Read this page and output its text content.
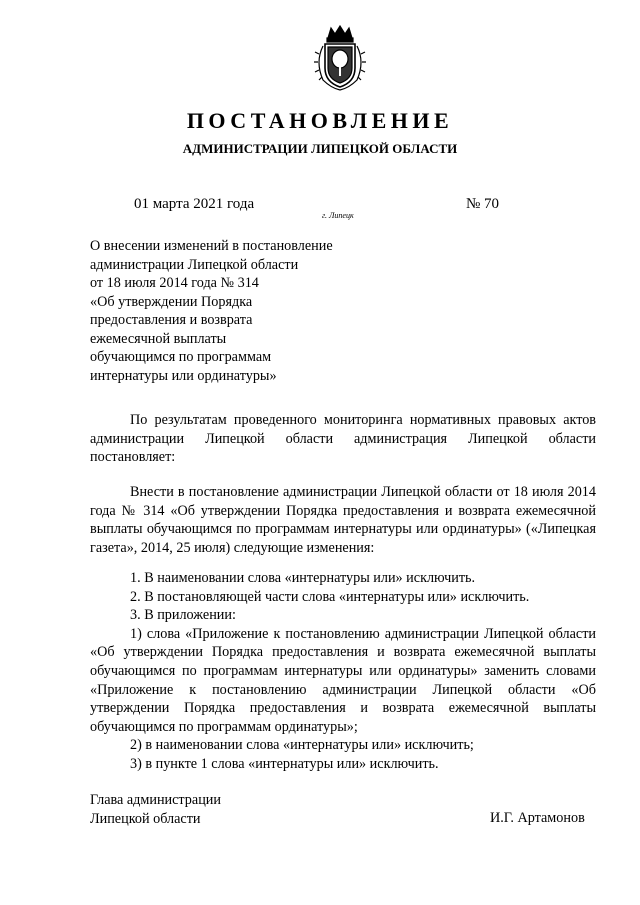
ПОСТАНОВЛЕНИЕ
АДМИНИСТРАЦИИ ЛИПЕЦКОЙ ОБЛАСТИ
01 марта 2021 года
г. Липецк
№ 70
О внесении изменений в постановление
администрации Липецкой области
от 18 июля 2014 года № 314
«Об утверждении Порядка
предоставления и возврата
ежемесячной выплаты
обучающимся по программам
интернатуры или ординатуры»
По результатам проведенного мониторинга нормативных правовых актов администрации Липецкой области администрация Липецкой области постановляет:
Внести в постановление администрации Липецкой области от 18 июля 2014 года № 314 «Об утверждении Порядка предоставления и возврата ежемесячной выплаты обучающимся по программам интернатуры или ординатуры» («Липецкая газета», 2014, 25 июля) следующие изменения:
1. В наименовании слова «интернатуры или» исключить.
2. В постановляющей части слова «интернатуры или» исключить.
3. В приложении:
1) слова «Приложение к постановлению администрации Липецкой области «Об утверждении Порядка предоставления и возврата ежемесячной выплаты обучающимся по программам интернатуры или ординатуры» заменить словами «Приложение к постановлению администрации Липецкой области «Об утверждении Порядка предоставления и возврата ежемесячной выплаты обучающимся по программам ординатуры»;
2) в наименовании слова «интернатуры или» исключить;
3) в пункте 1 слова «интернатуры или» исключить.
Глава администрации
Липецкой области	И.Г. Артамонов
